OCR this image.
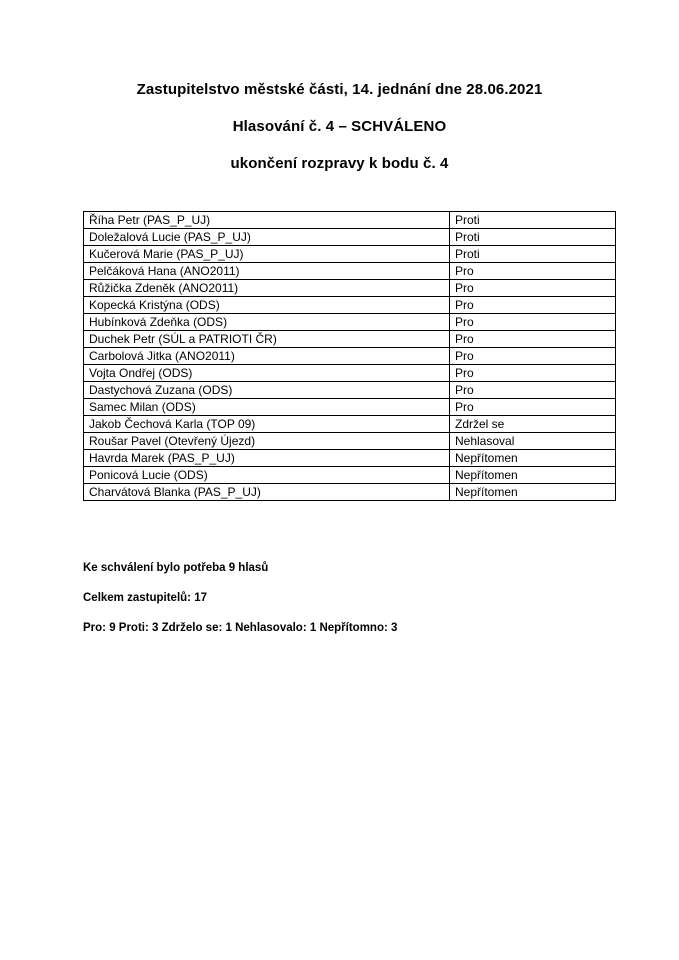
Zastupitelstvo městské části, 14. jednání dne 28.06.2021
Hlasování č. 4 – SCHVÁLENO
ukončení rozpravy k bodu č. 4
Říha Petr (PAS_P_UJ)	Proti
Doležalová Lucie (PAS_P_UJ)	Proti
Kučerová Marie (PAS_P_UJ)	Proti
Pelčáková Hana (ANO2011)	Pro
Růžička Zdeněk (ANO2011)	Pro
Kopecká Kristýna (ODS)	Pro
Hubínková Zdeňka (ODS)	Pro
Duchek Petr (SÚL a PATRIOTI ČR)	Pro
Carbolová Jitka (ANO2011)	Pro
Vojta Ondřej (ODS)	Pro
Dastychová Zuzana (ODS)	Pro
Samec Milan (ODS)	Pro
Jakob Čechová Karla (TOP 09)	Zdržel se
Roušar Pavel (Otevřený Újezd)	Nehlasoval
Havrda Marek (PAS_P_UJ)	Nepřítomen
Ponicová Lucie (ODS)	Nepřítomen
Charvátová Blanka (PAS_P_UJ)	Nepřítomen
Ke schválení bylo potřeba 9 hlasů
Celkem zastupitelů: 17
Pro: 9 Proti: 3 Zdrželo se: 1 Nehlasovalo: 1 Nepřítomno: 3
